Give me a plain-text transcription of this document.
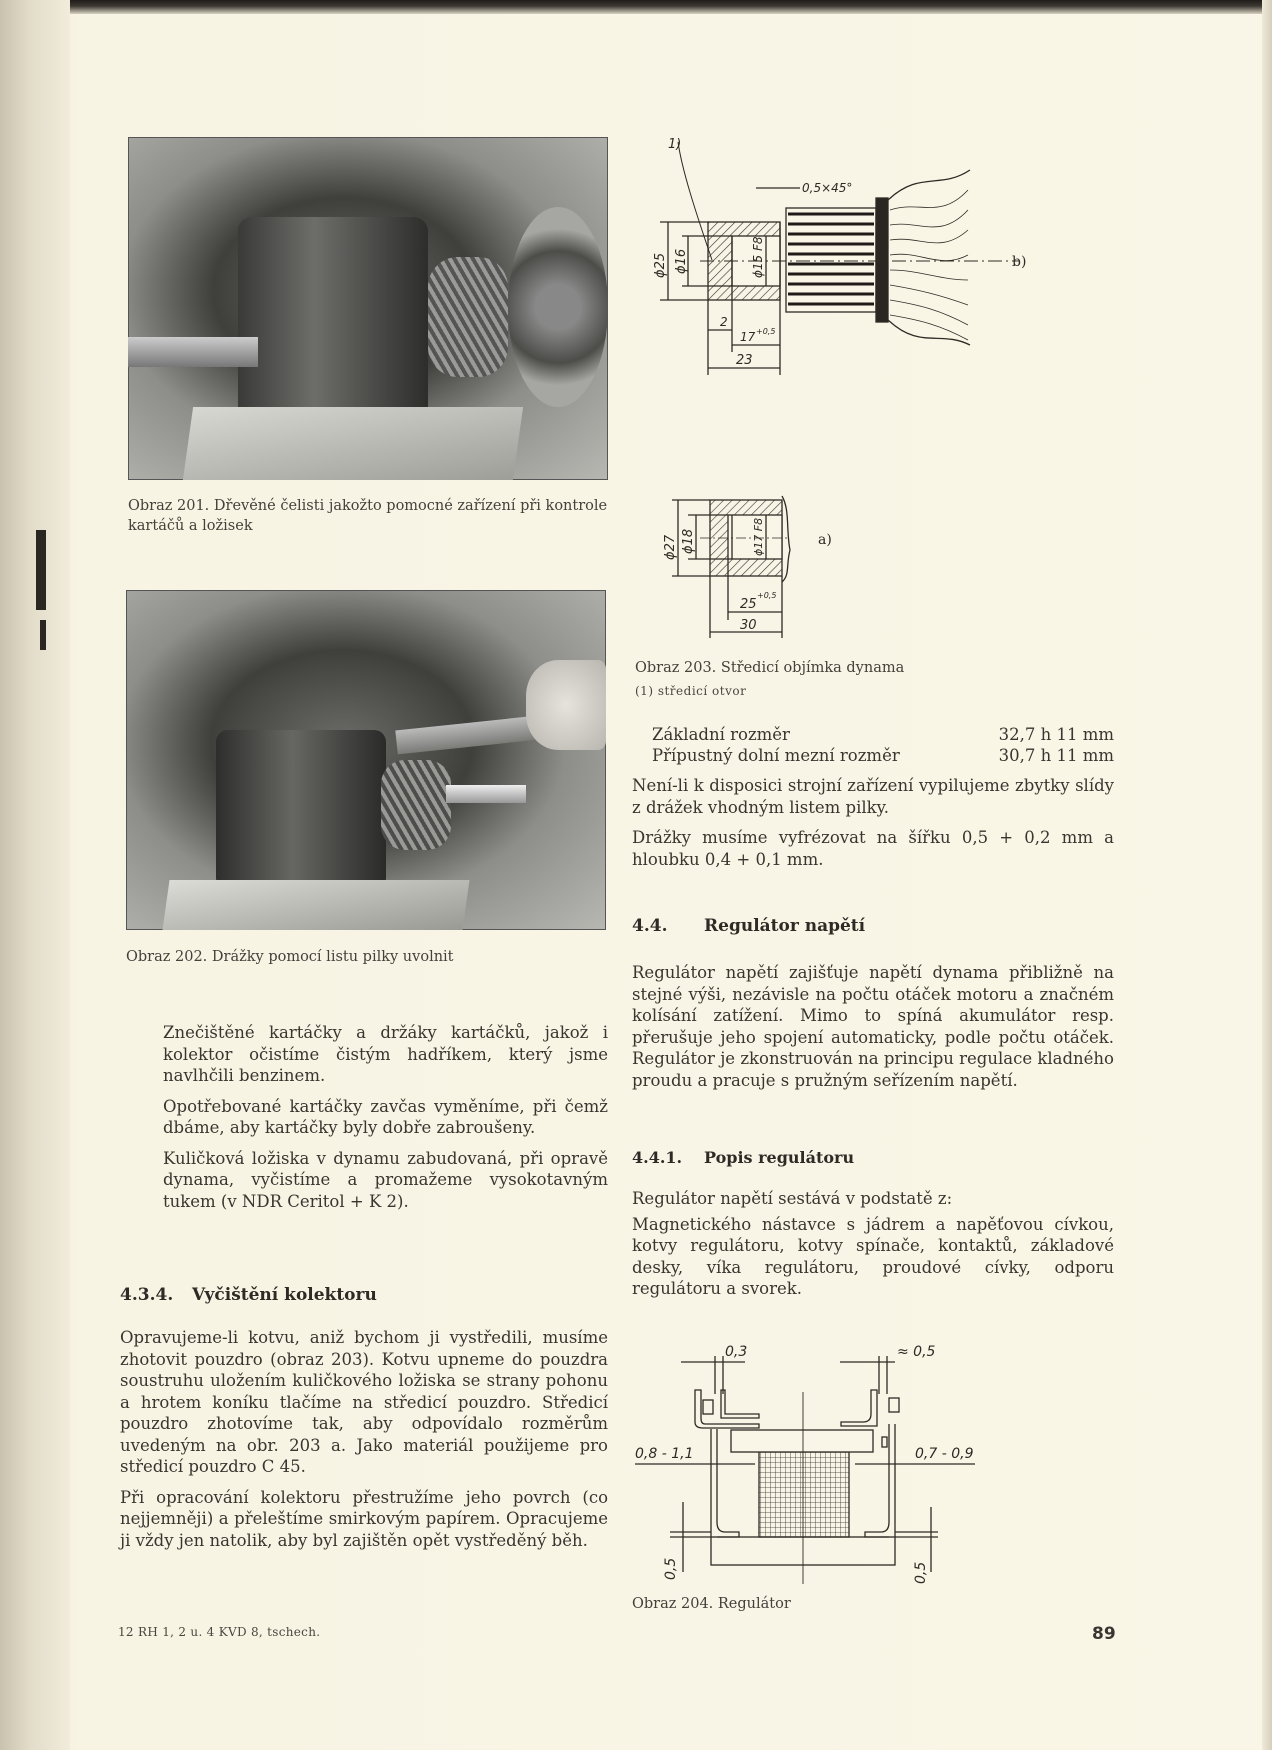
Obraz 201. Dřevěné čelisti jakožto pomocné zařízení při kontrole kartáčů a ložisek
Obraz 202. Drážky pomocí listu pilky uvolnit

Znečištěné kartáčky a držáky kartáčků, jakož i kolektor očistíme čistým hadříkem, který jsme navlhčili benzinem.

Opotřebované kartáčky zavčas vyměníme, při čemž dbáme, aby kartáčky byly dobře zabroušeny.

Kuličková ložiska v dynamu zabudovaná, při opravě dynama, vyčistíme a promažeme vysokotavným tukem (v NDR Ceritol + K 2).

4.3.4. Vyčištění kolektoru

Opravujeme-li kotvu, aniž bychom ji vystředili, musíme zhotovit pouzdro (obraz 203). Kotvu upneme do pouzdra soustruhu uložením kuličkového ložiska se strany pohonu a hrotem koníku tlačíme na středicí pouzdro. Středicí pouzdro zhotovíme tak, aby odpovídalo rozměrům uvedeným na obr. 203 a. Jako materiál použijeme pro středicí pouzdro C 45.

Při opracování kolektoru přestružíme jeho povrch (co nejjemněji) a přeleštíme smirkovým papírem. Opracujeme ji vždy jen natolik, aby byl zajištěn opět vystředěný běh.

12 RH 1, 2 u. 4 KVD 8, tschech.	89
1)
0,5×45°
ϕ25 ϕ16	ϕ15 F8
2
17 +0,5
23
b)
ϕ27 ϕ18	ϕ17 F8
25
+0,5
30
a)
Obraz 203. Středicí objímka dynama
(1) středicí otvor
Základní rozměr	32,7 h 11 mm
Přípustný dolní mezní rozměr	30,7 h 11 mm

Není-li k disposici strojní zařízení vypilujeme zbytky slídy z drážek vhodným listem pilky.

Drážky musíme vyfrézovat na šířku 0,5 + 0,2 mm a hloubku 0,4 + 0,1 mm.

4.4. Regulátor napětí

Regulátor napětí zajišťuje napětí dynama přibližně na stejné výši, nezávisle na počtu otáček motoru a značném kolísání zatížení. Mimo to spíná akumulátor resp. přerušuje jeho spojení automaticky, podle počtu otáček. Regulátor je zkonstruován na principu regulace kladného proudu a pracuje s pružným seřízením napětí.

4.4.1. Popis regulátoru

Regulátor napětí sestává v podstatě z:

Magnetického nástavce s jádrem a napěťovou cívkou, kotvy regulátoru, kotvy spínače, kontaktů, základové desky, víka regulátoru, proudové cívky, odporu regulátoru a svorek.

0,3	≈ 0,5
0,8 - 1,1	0,7 - 0,9
0,5	0,5
Obraz 204. Regulátor
